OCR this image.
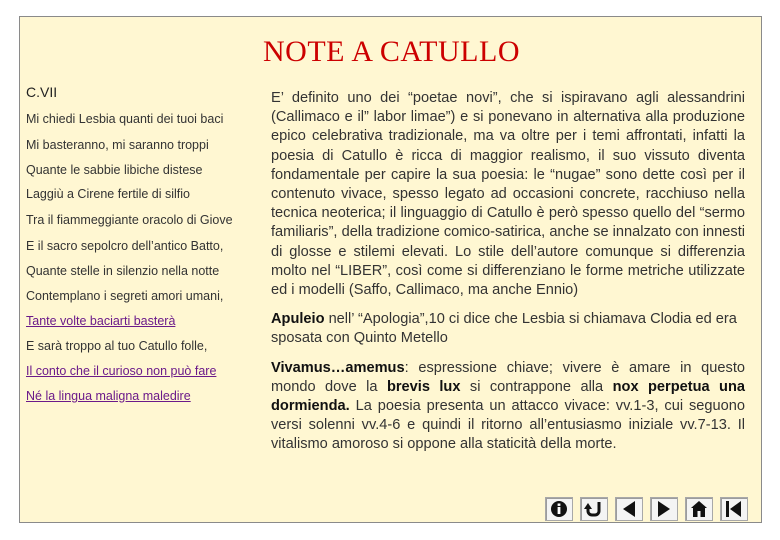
NOTE A CATULLO
C.VII
Mi chiedi Lesbia quanti dei tuoi baci
Mi basteranno, mi saranno troppi
Quante le sabbie libiche distese
Laggiù a Cirene fertile di silfio
Tra il fiammeggiante oracolo di Giove
E il sacro sepolcro dell’antico Batto,
Quante stelle in silenzio nella notte
Contemplano i segreti amori umani,
Tante volte baciarti basterà
E sarà troppo al tuo Catullo folle,
Il conto che il curioso non può fare
Né la lingua maligna maledire

E’ definito uno dei “poetae novi”, che si ispiravano agli alessandrini (Callimaco e il” labor limae”) e si ponevano in alternativa alla produzione epico celebrativa tradizionale, ma va oltre per i temi affrontati, infatti la poesia di Catullo è ricca di maggior realismo, il suo vissuto diventa fondamentale per capire la sua poesia: le “nugae” sono dette così per il contenuto vivace, spesso legato ad occasioni concrete, racchiuso nella tecnica neoterica; il linguaggio di Catullo è però spesso quello del “sermo familiaris”, della tradizione comico-satirica, anche se innalzato con innesti di glosse e stilemi elevati. Lo stile dell’autore comunque si differenzia molto nel “LIBER”, così come si differenziano le forme metriche utilizzate ed i modelli (Saffo, Callimaco, ma anche Ennio)

Apuleio nell’ “Apologia”,10 ci dice che Lesbia si chiamava Clodia ed era sposata con Quinto Metello

Vivamus…amemus: espressione chiave; vivere è amare in questo mondo dove la brevis lux si contrappone alla nox perpetua una dormienda. La poesia presenta un attacco vivace: vv.1-3, cui seguono versi solenni vv.4-6 e quindi il ritorno all’entusiasmo iniziale vv.7-13. Il vitalismo amoroso si oppone alla staticità della morte.
